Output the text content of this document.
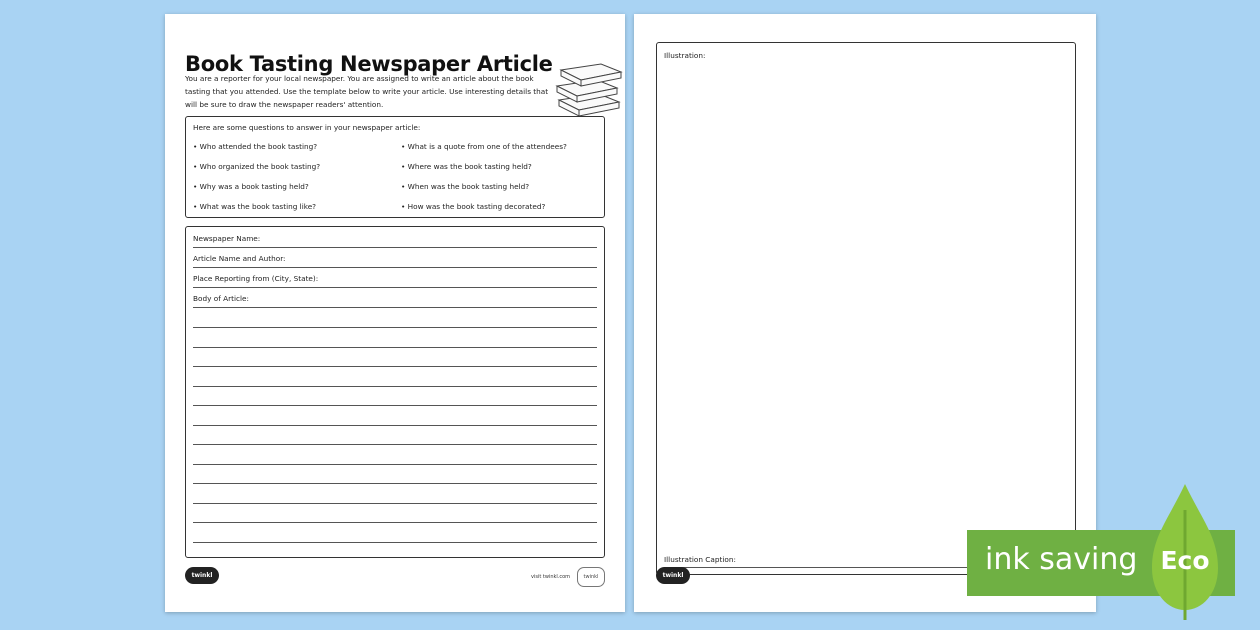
Book Tasting Newspaper Article
You are a reporter for your local newspaper. You are assigned to write an article about the book tasting that you attended. Use the template below to write your article. Use interesting details that will be sure to draw the newspaper readers' attention.
Here are some questions to answer in your newspaper article:
• Who attended the book tasting?
• Who organized the book tasting?
• Why was a book tasting held?
• What was the book tasting like?
• What is a quote from one of the attendees?
• Where was the book tasting held?
• When was the book tasting held?
• How was the book tasting decorated?
Newspaper Name:
Article Name and Author:
Place Reporting from (City, State):
Body of Article:
twinkl	visit twinkl.com	twinkl
Illustration:
Illustration Caption:
twinkl	ink saving Eco
